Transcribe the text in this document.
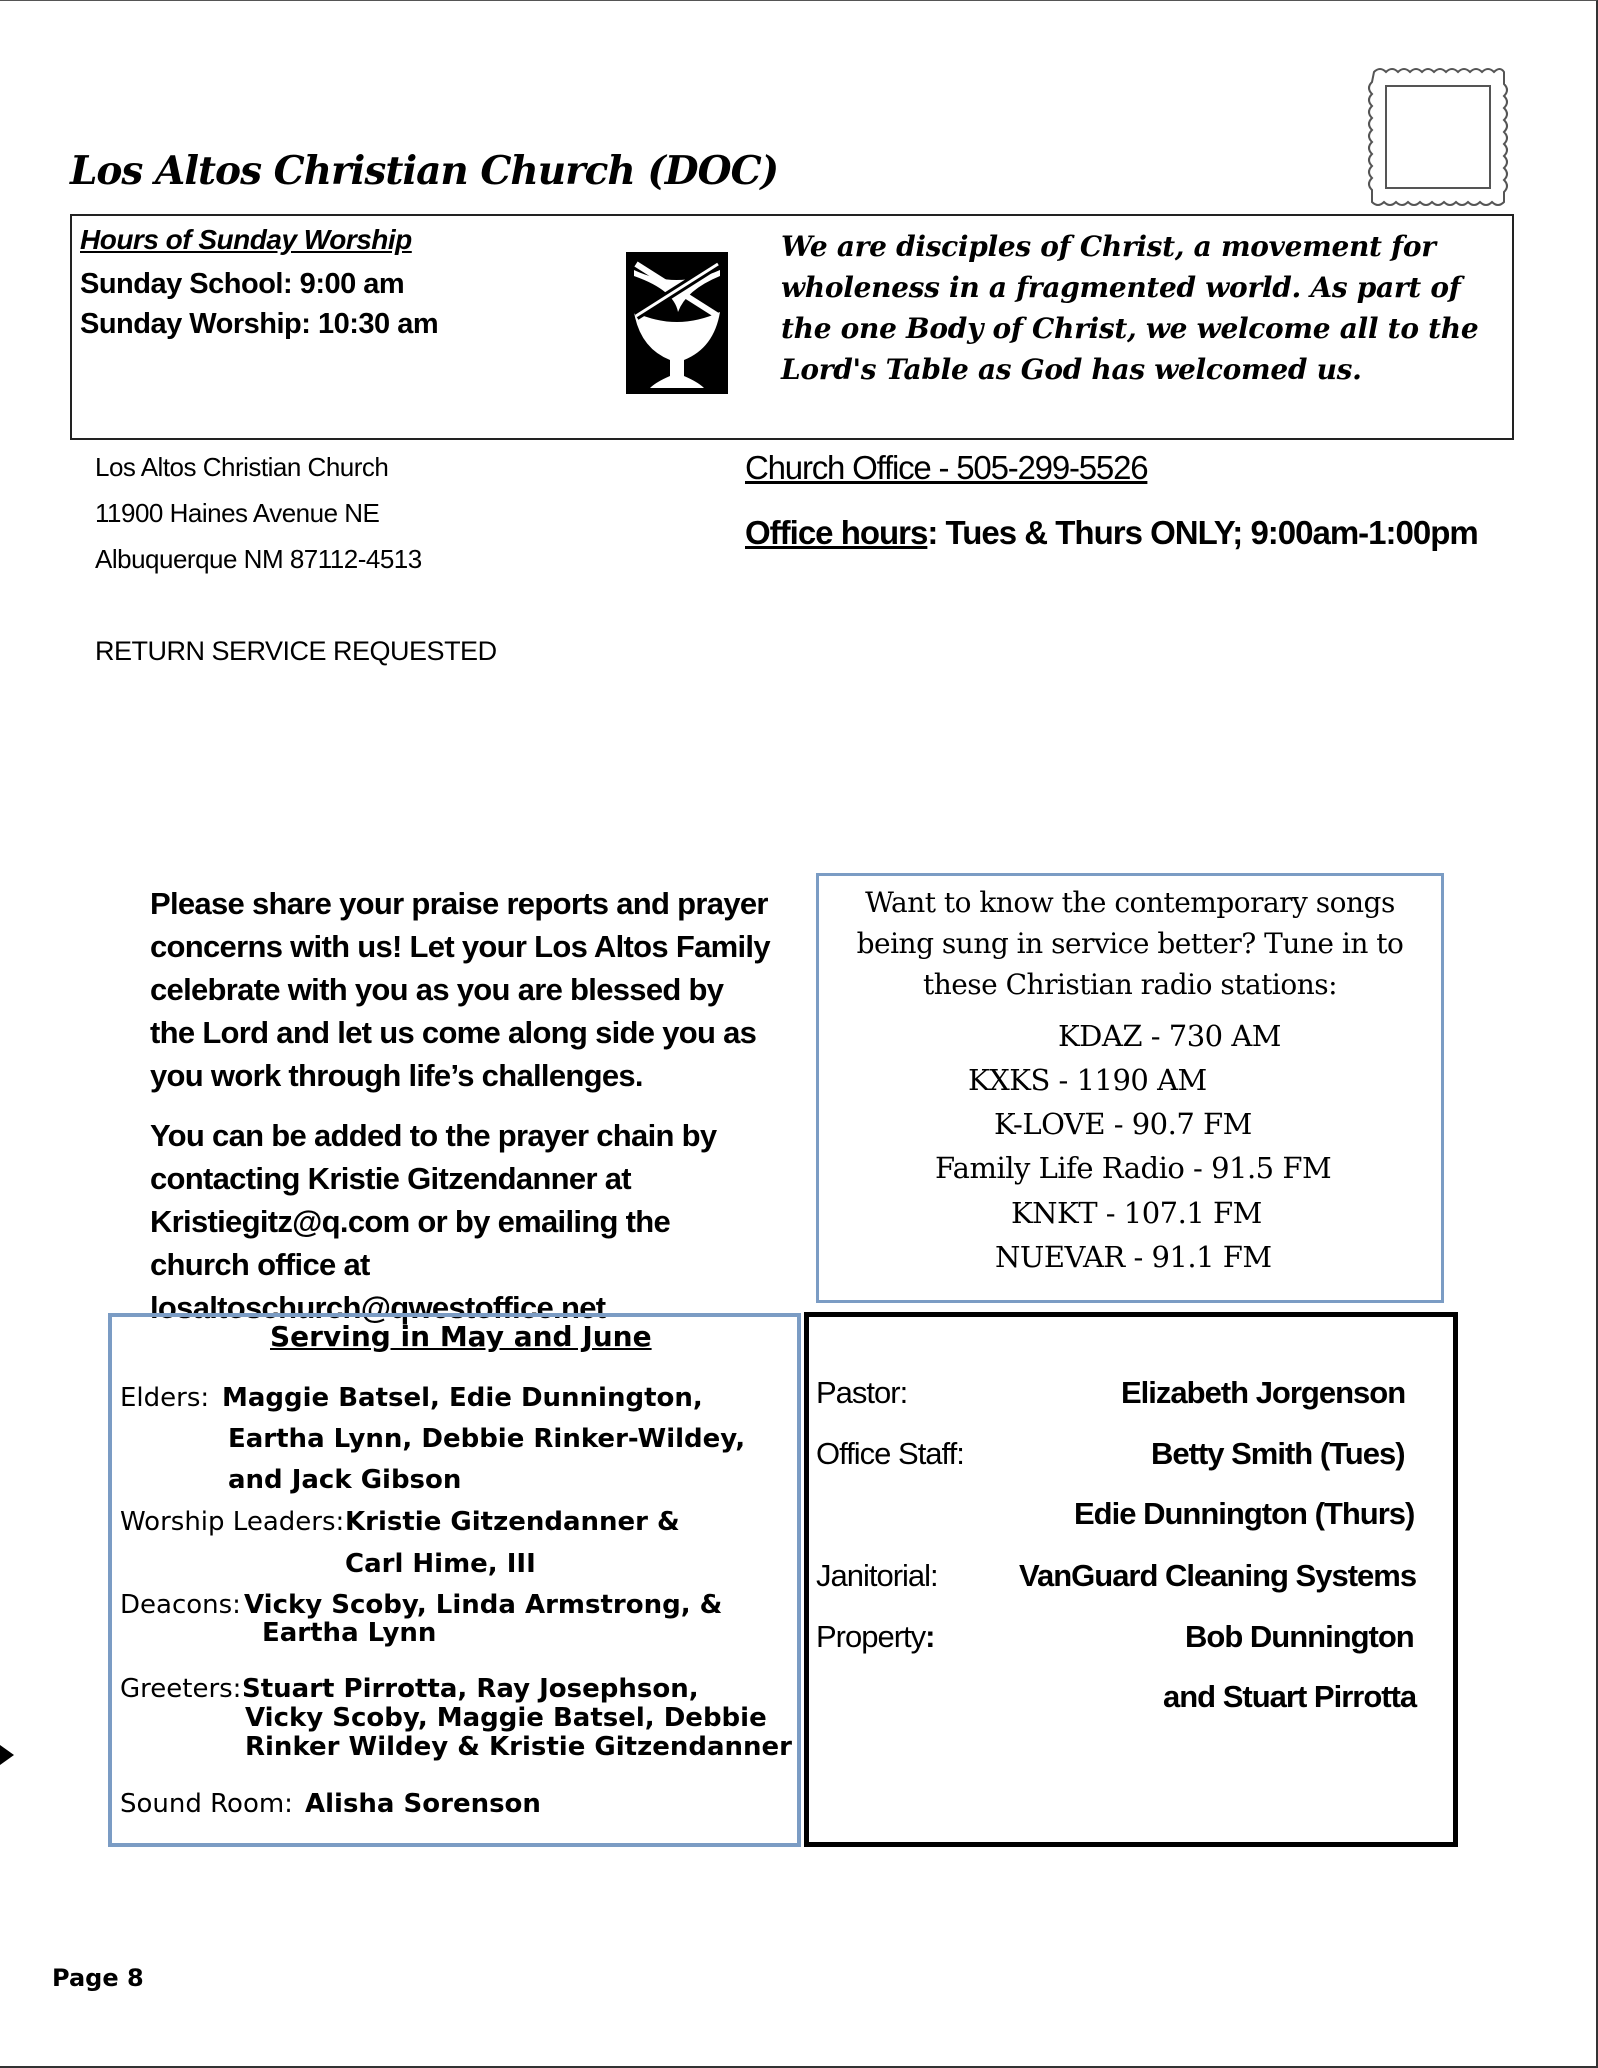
Los Altos Christian Church (DOC)
Hours of Sunday Worship
Sunday School: 9:00 am
Sunday Worship: 10:30 am
We are disciples of Christ, a movement for wholeness in a fragmented world. As part of the one Body of Christ, we welcome all to the Lord's Table as God has welcomed us.
Los Altos Christian Church
11900 Haines Avenue NE
Albuquerque NM 87112-4513
RETURN SERVICE REQUESTED
Church Office - 505-299-5526
Office hours: Tues & Thurs ONLY; 9:00am-1:00pm

Please share your praise reports and prayer concerns with us! Let your Los Altos Family celebrate with you as you are blessed by the Lord and let us come along side you as you work through life’s challenges.

You can be added to the prayer chain by contacting Kristie Gitzendanner at Kristiegitz@q.com or by emailing the church office at losaltoschurch@qwestoffice.net

Want to know the contemporary songs being sung in service better? Tune in to these Christian radio stations:
KDAZ - 730 AM
KXKS - 1190 AM
K-LOVE - 90.7 FM
Family Life Radio - 91.5 FM
KNKT - 107.1 FM
NUEVAR - 91.1 FM
Serving in May and June
Elders: Maggie Batsel, Edie Dunnington,
Eartha Lynn, Debbie Rinker-Wildey,
and Jack Gibson
Worship Leaders: Kristie Gitzendanner &
Carl Hime, III
Deacons: Vicky Scoby, Linda Armstrong, &
Eartha Lynn
Greeters: Stuart Pirrotta, Ray Josephson,
Vicky Scoby, Maggie Batsel, Debbie
Rinker Wildey & Kristie Gitzendanner
Sound Room: Alisha Sorenson
Pastor:	Elizabeth Jorgenson
Office Staff:	Betty Smith (Tues)
Edie Dunnington (Thurs)
Janitorial:	VanGuard Cleaning Systems
Property:	Bob Dunnington
and Stuart Pirrotta
Page 8
